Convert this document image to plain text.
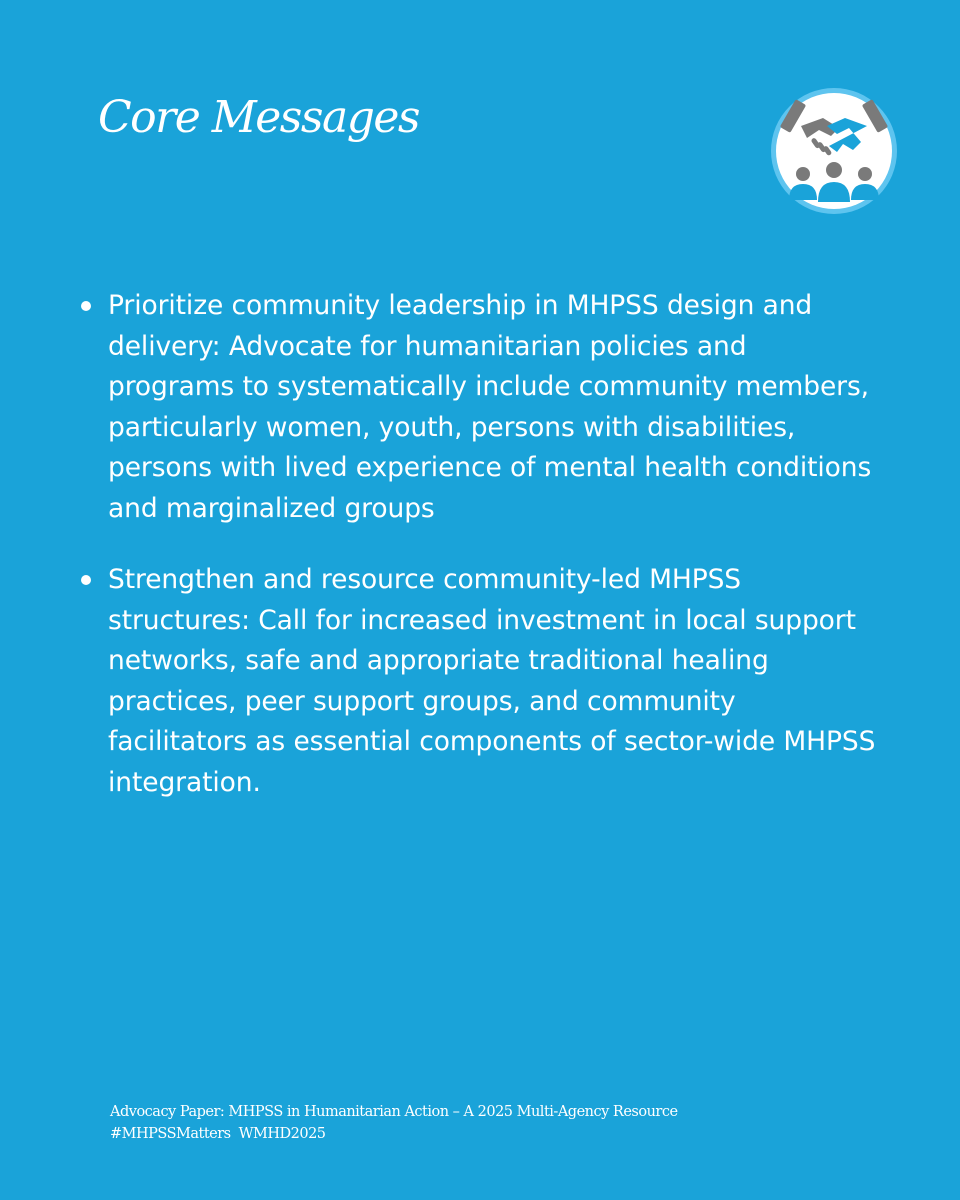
Core Messages
Prioritize community leadership in MHPSS design and delivery: Advocate for humanitarian policies and programs to systematically include community members, particularly women, youth, persons with disabilities, persons with lived experience of mental health conditions and marginalized groups
Strengthen and resource community-led MHPSS structures: Call for increased investment in local support networks, safe and appropriate traditional healing practices, peer support groups, and community facilitators as essential components of sector-wide MHPSS integration.
Advocacy Paper: MHPSS in Humanitarian Action – A 2025 Multi-Agency Resource
#MHPSSMatters WMHD2025
